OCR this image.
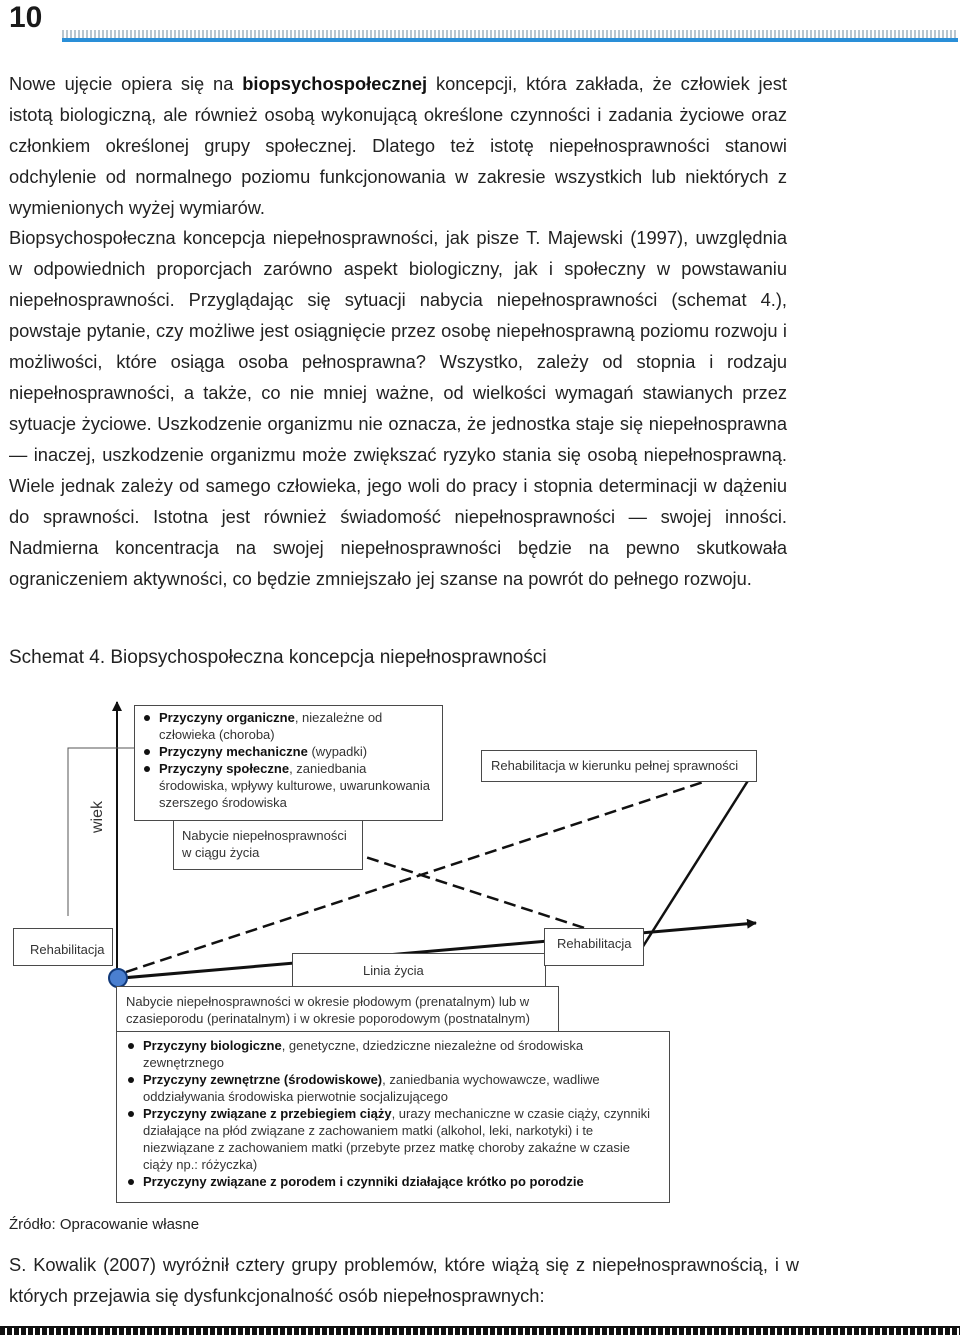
10

Nowe ujęcie opiera się na biopsychospołecznej koncepcji, która zakłada, że człowiek jest istotą biologiczną, ale również osobą wykonującą określone czynności i zadania życiowe oraz członkiem określonej grupy społecznej. Dlatego też istotę niepełnosprawności stanowi odchylenie od normalnego poziomu funkcjonowania w zakresie wszystkich lub niektórych z wymienionych wyżej wymiarów.

Biopsychospołeczna koncepcja niepełnosprawności, jak pisze T. Majewski (1997), uwzględnia w odpowiednich proporcjach zarówno aspekt biologiczny, jak i społeczny w powstawaniu niepełnosprawności. Przyglądając się sytuacji nabycia niepełnosprawności (schemat 4.), powstaje pytanie, czy możliwe jest osiągnięcie przez osobę niepełnosprawną poziomu rozwoju i możliwości, które osiąga osoba pełnosprawna? Wszystko, zależy od stopnia i rodzaju niepełnosprawności, a także, co nie mniej ważne, od wielkości wymagań stawianych przez sytuacje życiowe. Uszkodzenie organizmu nie oznacza, że jednostka staje się niepełnosprawna — inaczej, uszkodzenie organizmu może zwiększać ryzyko stania się osobą niepełnosprawną. Wiele jednak zależy od samego człowieka, jego woli do pracy i stopnia determinacji w dążeniu do sprawności. Istotna jest również świadomość niepełnosprawności — swojej inności. Nadmierna koncentracja na swojej niepełnosprawności będzie na pewno skutkowała ograniczeniem aktywności, co będzie zmniejszało jej szanse na powrót do pełnego rozwoju.

Schemat 4. Biopsychospołeczna koncepcja niepełnosprawności

wiek

Przyczyny organiczne, niezależne od człowieka (choroba)
Przyczyny mechaniczne (wypadki)
Przyczyny społeczne, zaniedbania środowiska, wpływy kulturowe, uwarunkowania szerszego środowiska
Nabycie niepełnosprawności w ciągu życia
Rehabilitacja w kierunku pełnej sprawności
Rehabilitacja
Linia życia
Rehabilitacja
Nabycie niepełnosprawności w okresie płodowym (prenatalnym) lub w czasieporodu (perinatalnym) i w okresie poporodowym (postnatalnym)
Przyczyny biologiczne, genetyczne, dziedziczne niezależne od środowiska zewnętrznego
Przyczyny zewnętrzne (środowiskowe), zaniedbania wychowawcze, wadliwe oddziaływania środowiska pierwotnie socjalizującego
Przyczyny związane z przebiegiem ciąży, urazy mechaniczne w czasie ciąży, czynniki działające na płód związane z zachowaniem matki (alkohol, leki, narkotyki) i te niezwiązane z zachowaniem matki (przebyte przez matkę choroby zakaźne w czasie ciąży np.: różyczka)
Przyczyny związane z porodem i czynniki działające krótko po porodzie

Źródło: Opracowanie własne

S. Kowalik (2007) wyróżnił cztery grupy problemów, które wiążą się z niepełnosprawnością, i w których przejawia się dysfunkcjonalność osób niepełnosprawnych:
